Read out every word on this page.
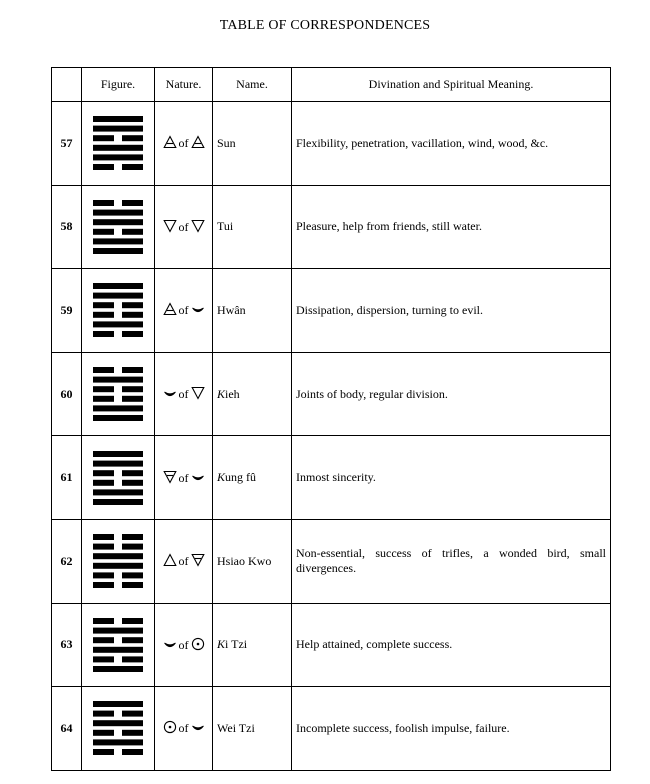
TABLE OF CORRESPONDENCES
	Figure.	Nature.	Name.	Divination and Spiritual Meaning.
57		of	Sun	Flexibility, penetration, vacillation, wind, wood, &c.

58		of	Tui	Pleasure, help from friends, still water.

59		of	Hwân	Dissipation, dispersion, turning to evil.

60		of	Kieh	Joints of body, regular division.

61		of	Kung fû	Inmost sincerity.

62		of	Hsiao Kwo	Non-essential, success of trifles, a wonded bird, small divergences.

63		of	Ki Tzi	Help attained, complete success.

64		of	Wei Tzi	Incomplete success, foolish impulse, failure.
